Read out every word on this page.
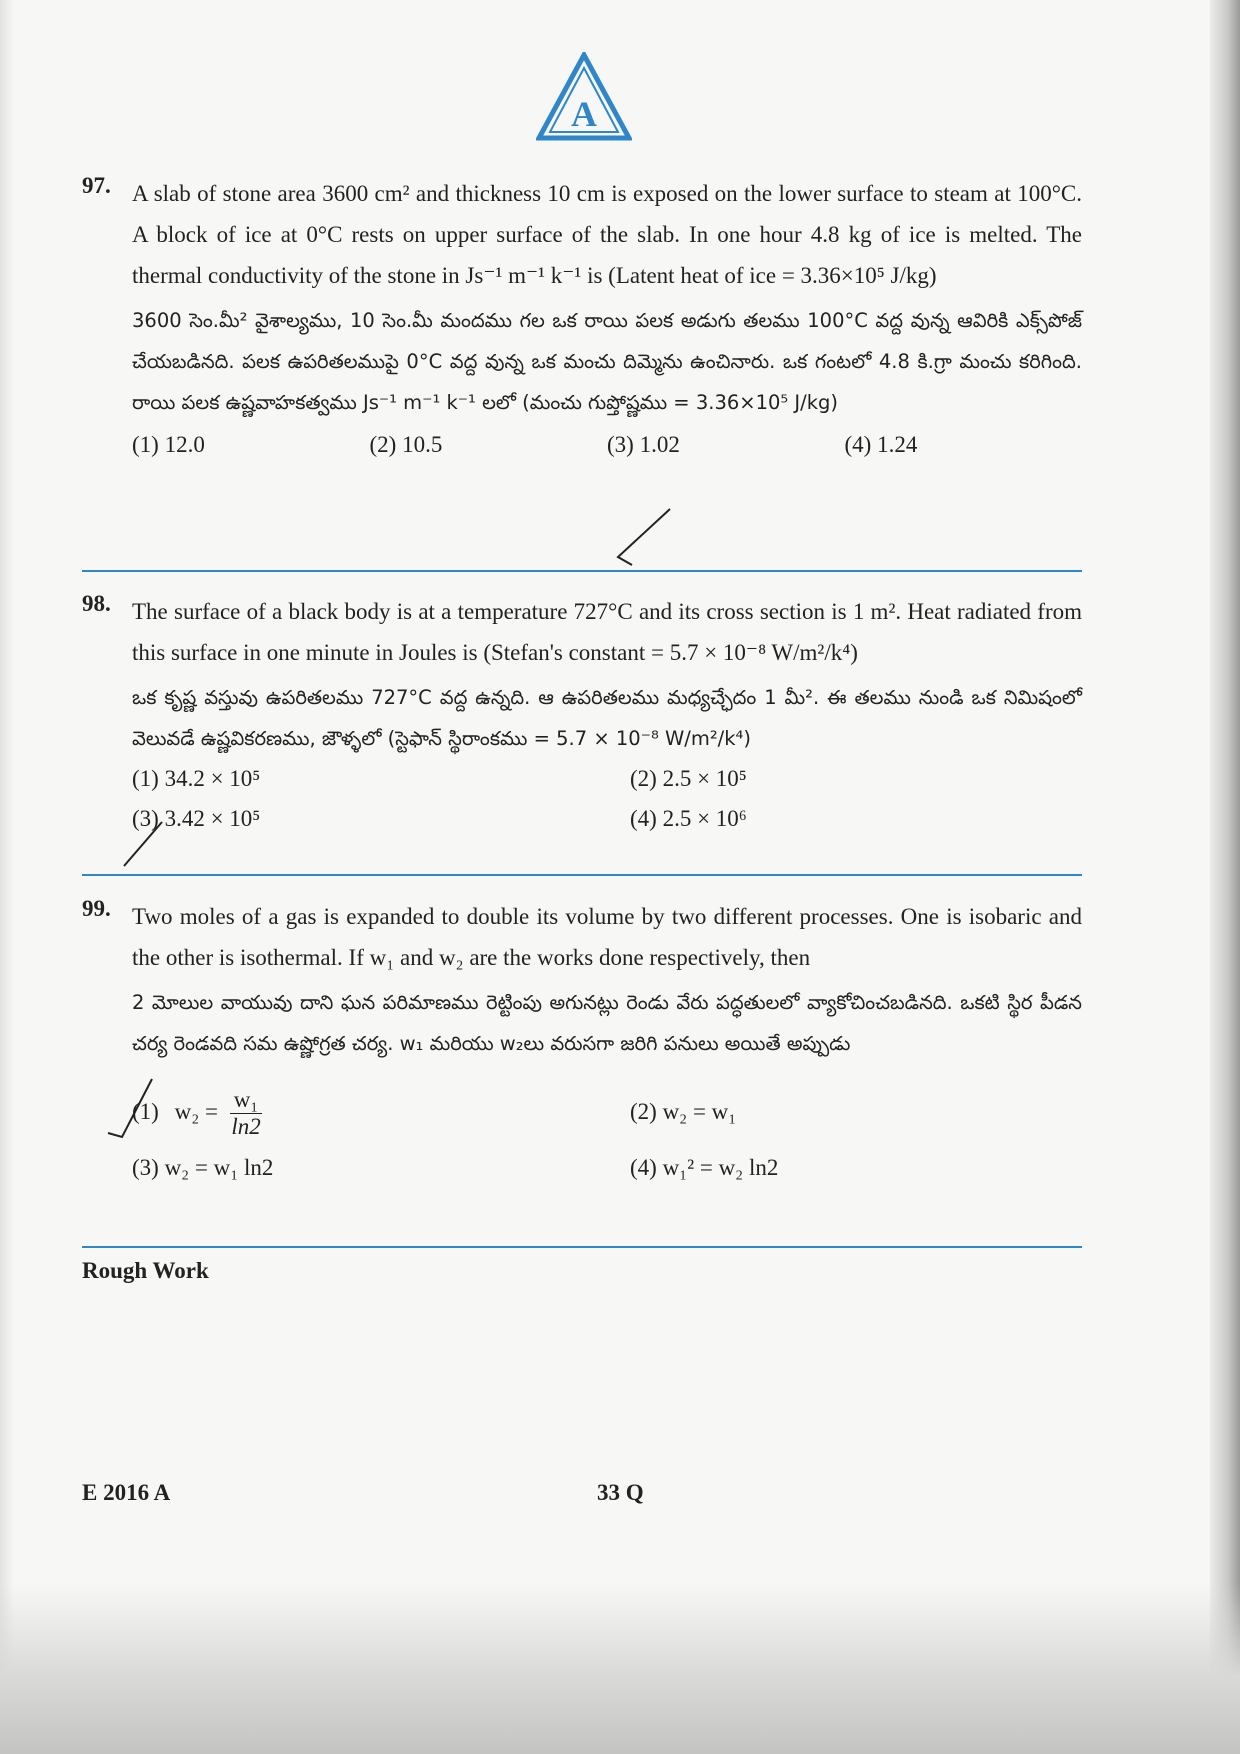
A
97. A slab of stone area 3600 cm² and thickness 10 cm is exposed on the lower surface to steam at 100°C. A block of ice at 0°C rests on upper surface of the slab. In one hour 4.8 kg of ice is melted. The thermal conductivity of the stone in Js⁻¹ m⁻¹ k⁻¹ is (Latent heat of ice = 3.36×10⁵ J/kg)

3600 సెం.మీ² వైశాల్యము, 10 సెం.మీ మందము గల ఒక రాయి పలక అడుగు తలము 100°C వద్ద వున్న ఆవిరికి ఎక్స్‌పోజ్ చేయబడినది. పలక ఉపరితలముపై 0°C వద్ద వున్న ఒక మంచు దిమ్మెను ఉంచినారు. ఒక గంటలో 4.8 కి.గ్రా మంచు కరిగింది. రాయి పలక ఉష్ణవాహకత్వము Js⁻¹ m⁻¹ k⁻¹ లలో (మంచు గుప్తోష్ణము = 3.36×10⁵ J/kg)

(1) 12.0	(2) 10.5	(3) 1.02	(4) 1.24
98. The surface of a black body is at a temperature 727°C and its cross section is 1 m². Heat radiated from this surface in one minute in Joules is (Stefan's constant = 5.7 × 10⁻⁸ W/m²/k⁴)

ఒక కృష్ణ వస్తువు ఉపరితలము 727°C వద్ద ఉన్నది. ఆ ఉపరితలము మధ్యచ్ఛేదం 1 మీ². ఈ తలము నుండి ఒక నిమిషంలో వెలువడే ఉష్ణవికరణము, జౌళ్ళలో (స్టెఫాన్ స్థిరాంకము = 5.7 × 10⁻⁸ W/m²/k⁴)

(1) 34.2 × 10⁵	(2) 2.5 × 10⁵
(3) 3.42 × 10⁵	(4) 2.5 × 10⁶
99. Two moles of a gas is expanded to double its volume by two different processes. One is isobaric and the other is isothermal. If w₁ and w₂ are the works done respectively, then

2 మోలుల వాయువు దాని ఘన పరిమాణము రెట్టింపు అగునట్లు రెండు వేరు పద్ధతులలో వ్యాకోచించబడినది. ఒకటి స్థిర పీడన చర్య రెండవది సమ ఉష్ణోగ్రత చర్య. w₁ మరియు w₂లు వరుసగా జరిగి పనులు అయితే అప్పుడు

(1) $w_2 = \frac{\text{w₁}}{\ln 2}$	(2) w₂ = w₁
(3) w₂ = w₁ ln2	(4) w₁² = w₂ ln2
Rough Work
E 2016 A	33 Q
